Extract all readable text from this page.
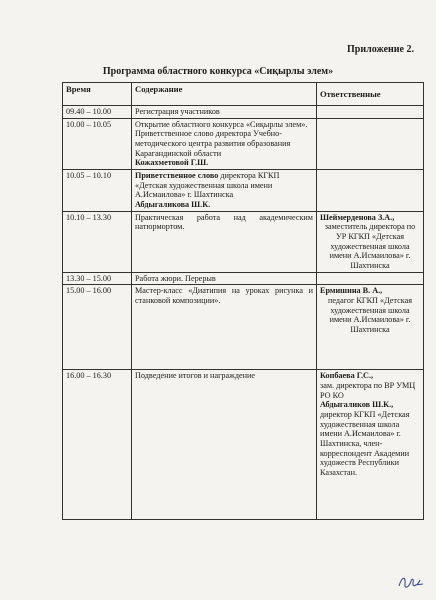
Приложение 2.
Программа областного конкурса «Сиқырлы элем»
Время	Содержание	Ответственные
09.40 – 10.00	Регистрация участников	
10.00 – 10.05	Открытие областного конкурса «Сиқырлы элем».
Приветственное слово директора Учебно-методического центра развития образования Карагандинской области
Кожахметовой Г.Ш.	

10.05 – 10.10	Приветственное слово директора КГКП «Детская художественная школа имени А.Исмаилова» г. Шахтинска
Абдыгаликова Ш.К.	
10.10 – 13.30	Практическая работа над академическим натюрмортом.	Шеймерденова З.А.,
заместитель директора по УР КГКП «Детская художественная школа имени А.Исмаилова» г. Шахтинска

13.30 – 15.00	Работа жюри. Перерыв	
15.00 – 16.00	Мастер-класс «Диатипия на уроках рисунка и станковой композиции».	Ермишина В. А.,
педагог КГКП «Детская художественная школа имени А.Исмаилова» г. Шахтинска

16.00 – 16.30	Подведение итогов и награждение	Копбаева Г.С.,
зам. директора по ВР УМЦ РО КО
Абдыгаликов Ш.К.,
директор КГКП «Детская художественная школа имени А.Исмаилова» г. Шахтинска, член-корреспондент Академии художеств Республики Казахстан.
